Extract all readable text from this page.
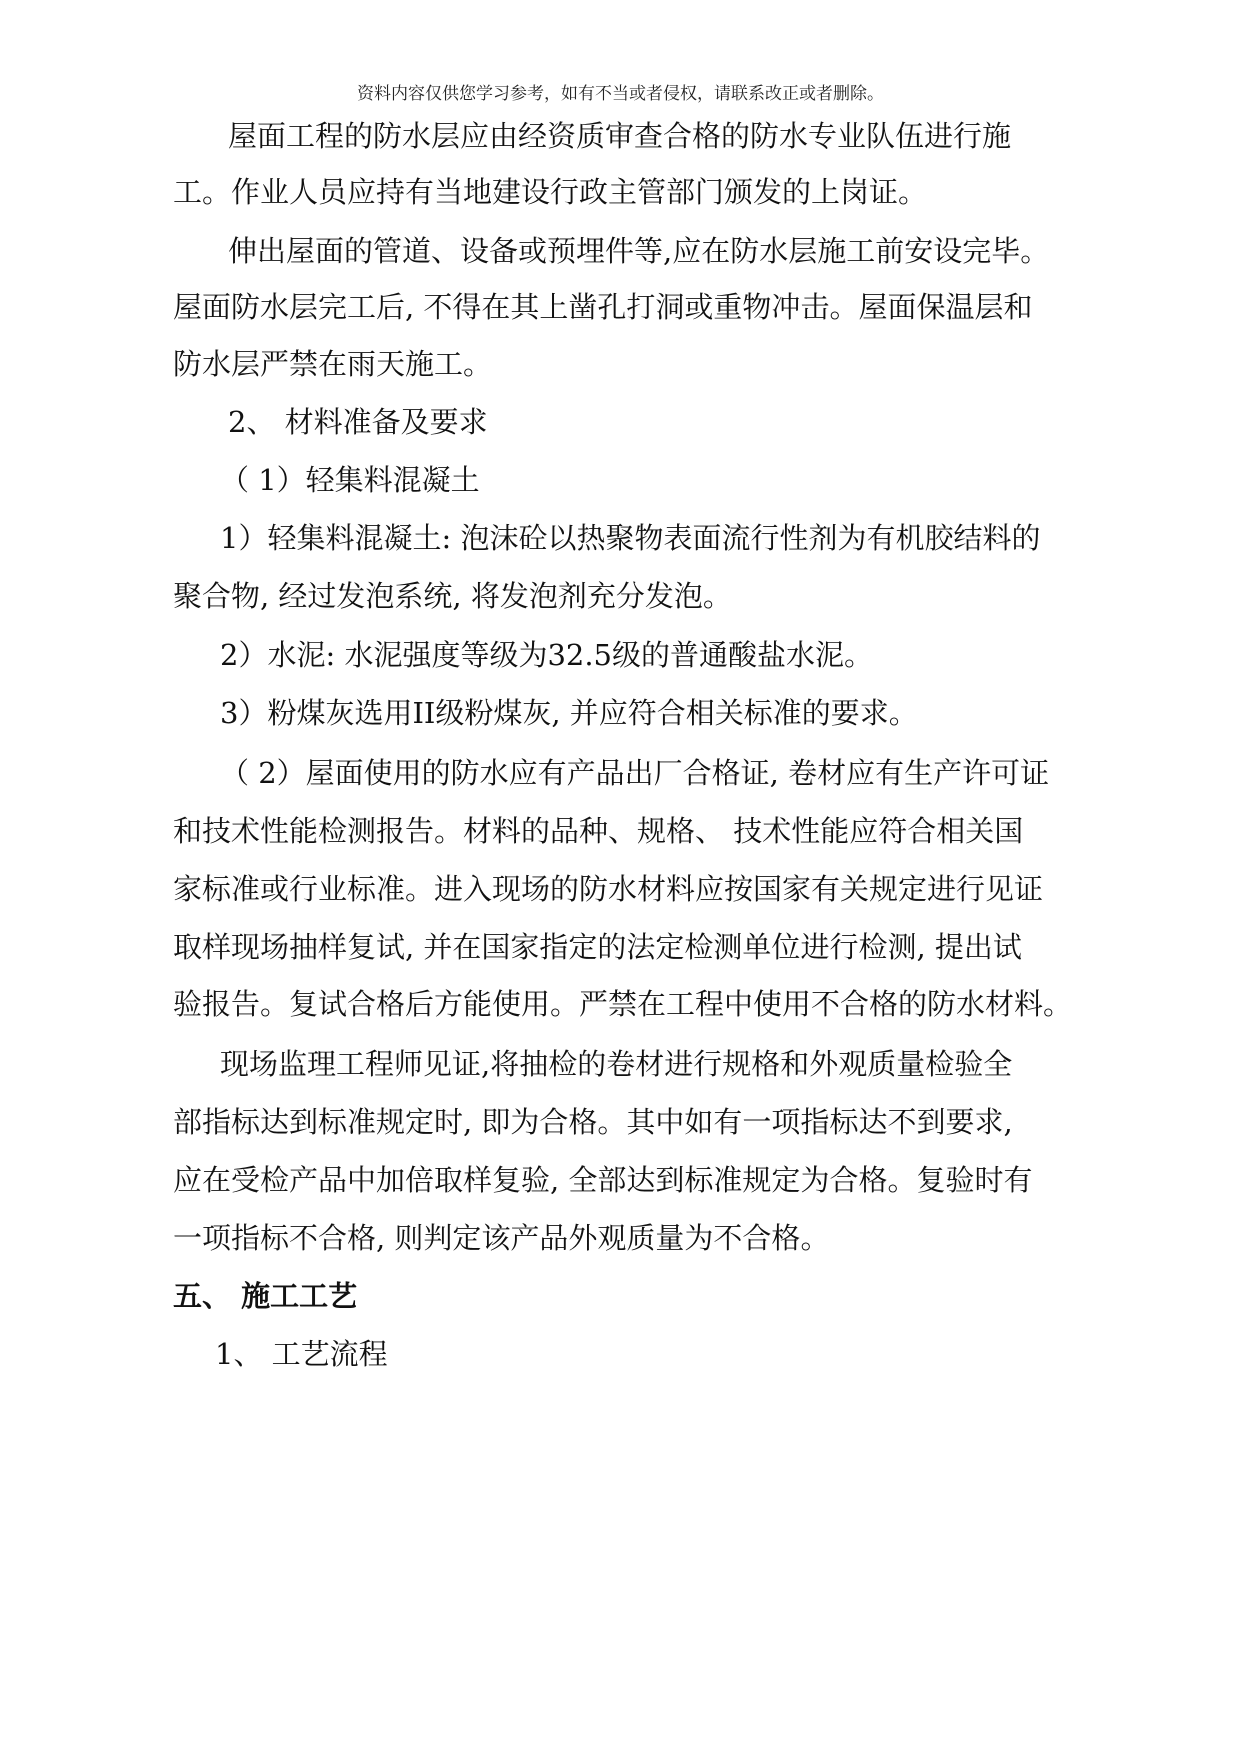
资料内容仅供您学习参考，如有不当或者侵权，请联系改正或者删除。
屋面工程的防水层应由经资质审查合格的防水专业队伍进行施
工。作业人员应持有当地建设行政主管部门颁发的上岗证。
伸出屋面的管道、设备或预埋件等,应在防水层施工前安设完毕。
屋面防水层完工后, 不得在其上凿孔打洞或重物冲击。屋面保温层和
防水层严禁在雨天施工。
2、 材料准备及要求
（ 1）轻集料混凝土
1）轻集料混凝土: 泡沫砼以热聚物表面流行性剂为有机胶结料的
聚合物, 经过发泡系统, 将发泡剂充分发泡。
2）水泥: 水泥强度等级为32.5级的普通酸盐水泥。
3）粉煤灰选用II级粉煤灰, 并应符合相关标准的要求。
（ 2）屋面使用的防水应有产品出厂合格证, 卷材应有生产许可证
和技术性能检测报告。材料的品种、规格、 技术性能应符合相关国
家标准或行业标准。进入现场的防水材料应按国家有关规定进行见证
取样现场抽样复试, 并在国家指定的法定检测单位进行检测, 提出试
验报告。复试合格后方能使用。严禁在工程中使用不合格的防水材料。
现场监理工程师见证,将抽检的卷材进行规格和外观质量检验全
部指标达到标准规定时, 即为合格。其中如有一项指标达不到要求,
应在受检产品中加倍取样复验, 全部达到标准规定为合格。复验时有
一项指标不合格, 则判定该产品外观质量为不合格。
五、 施工工艺
1、 工艺流程
